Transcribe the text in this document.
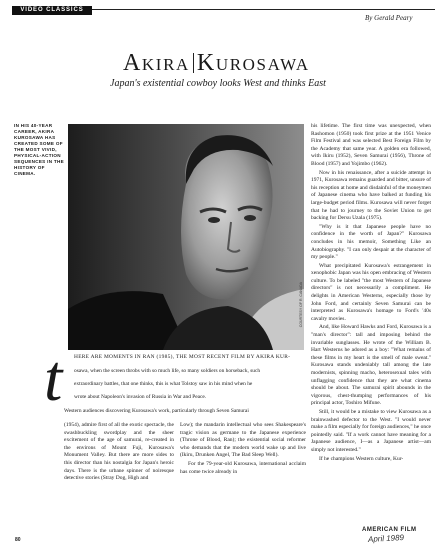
VIDEO CLASSICS
By Gerald Peary
Akira Kurosawa
Japan's existential cowboy looks West and thinks East
IN HIS 40-YEAR CAREER, AKIRA KUROSAWA HAS CREATED SOME OF THE MOST VIVID, PHYSICAL-ACTION SEQUENCES IN THE HISTORY OF CINEMA.
COURTESY OF R. CANADA
t HERE ARE MOMENTS IN RAN (1985), THE MOST RECENT FILM BY AKIRA KUR-
osawa, when the screen throbs with so much life, so many soldiers on horseback, such
extraordinary battles, that one thinks, this is what Tolstoy saw in his mind when he
wrote about Napoleon's invasion of Russia in War and Peace.
Western audiences discovering Kurosawa's work, particularly through Seven Samurai

(1954), admire first of all the exotic spectacle, the swashbuckling swordplay and the sheer excitement of the age of samurai, re-created in the environs of Mount Fuji, Kurosawa's Monument Valley. But there are more sides to this director than his nostalgia for Japan's heroic days. There is the urbane spinner of noiresque detective stories (Stray Dog, High and

Low); the mandarin intellectual who sees Shakespeare's tragic vision as germane to the Japanese experience (Throne of Blood, Ran); the existential social reformer who demands that the modern world wake up and live (Ikiru, Drunken Angel, The Bad Sleep Well).

For the 79-year-old Kurosawa, international acclaim has come twice already in

his lifetime. The first time was unexpected, when Rashomon (1950) took first prize at the 1951 Venice Film Festival and was selected Best Foreign Film by the Academy that same year. A golden era followed, with Ikiru (1952), Seven Samurai (1956), Throne of Blood (1957) and Yojimbo (1962).

Now in his renaissance, after a suicide attempt in 1971, Kurosawa remains guarded and bitter, unsure of his reception at home and disdainful of the moneymen of Japanese cinema who have balked at funding his large-budget period films. Kurosawa will never forget that he had to journey to the Soviet Union to get backing for Dersu Uzala (1975).

"Why is it that Japanese people have no confidence in the worth of Japan?" Kurosawa concludes in his memoir, Something Like an Autobiography. "I can only despair at the character of my people."

What precipitated Kurosawa's estrangement in xenophobic Japan was his open embracing of Western culture. To be labeled "the most Western of Japanese directors" is not necessarily a compliment. He delights in American Westerns, especially those by John Ford, and certainly Seven Samurai can be interpreted as Kurosawa's homage to Ford's '40s cavalry movies.

And, like Howard Hawks and Ford, Kurosawa is a "man's director": tall and imposing behind the invariable sunglasses. He wrote of the William B. Hart Westerns he adored as a boy: "What remains of these films in my heart is the smell of male sweat." Kurosawa stands undeniably tall among the late modernists, spinning macho, heterosexual tales with unflagging confidence that they are what cinema should be about. The samurai spirit abounds in the vigorous, chest-thumping performances of his principal actor, Toshiro Mifune.

Still, it would be a mistake to view Kurosawa as a brainwashed defector to the West. "I would never make a film especially for foreign audiences," he once pointedly said. "If a work cannot have meaning for a Japanese audience, I—as a Japanese artist—am simply not interested."

If he champions Western culture, Kur-

80
AMERICAN FILM
April 1989
